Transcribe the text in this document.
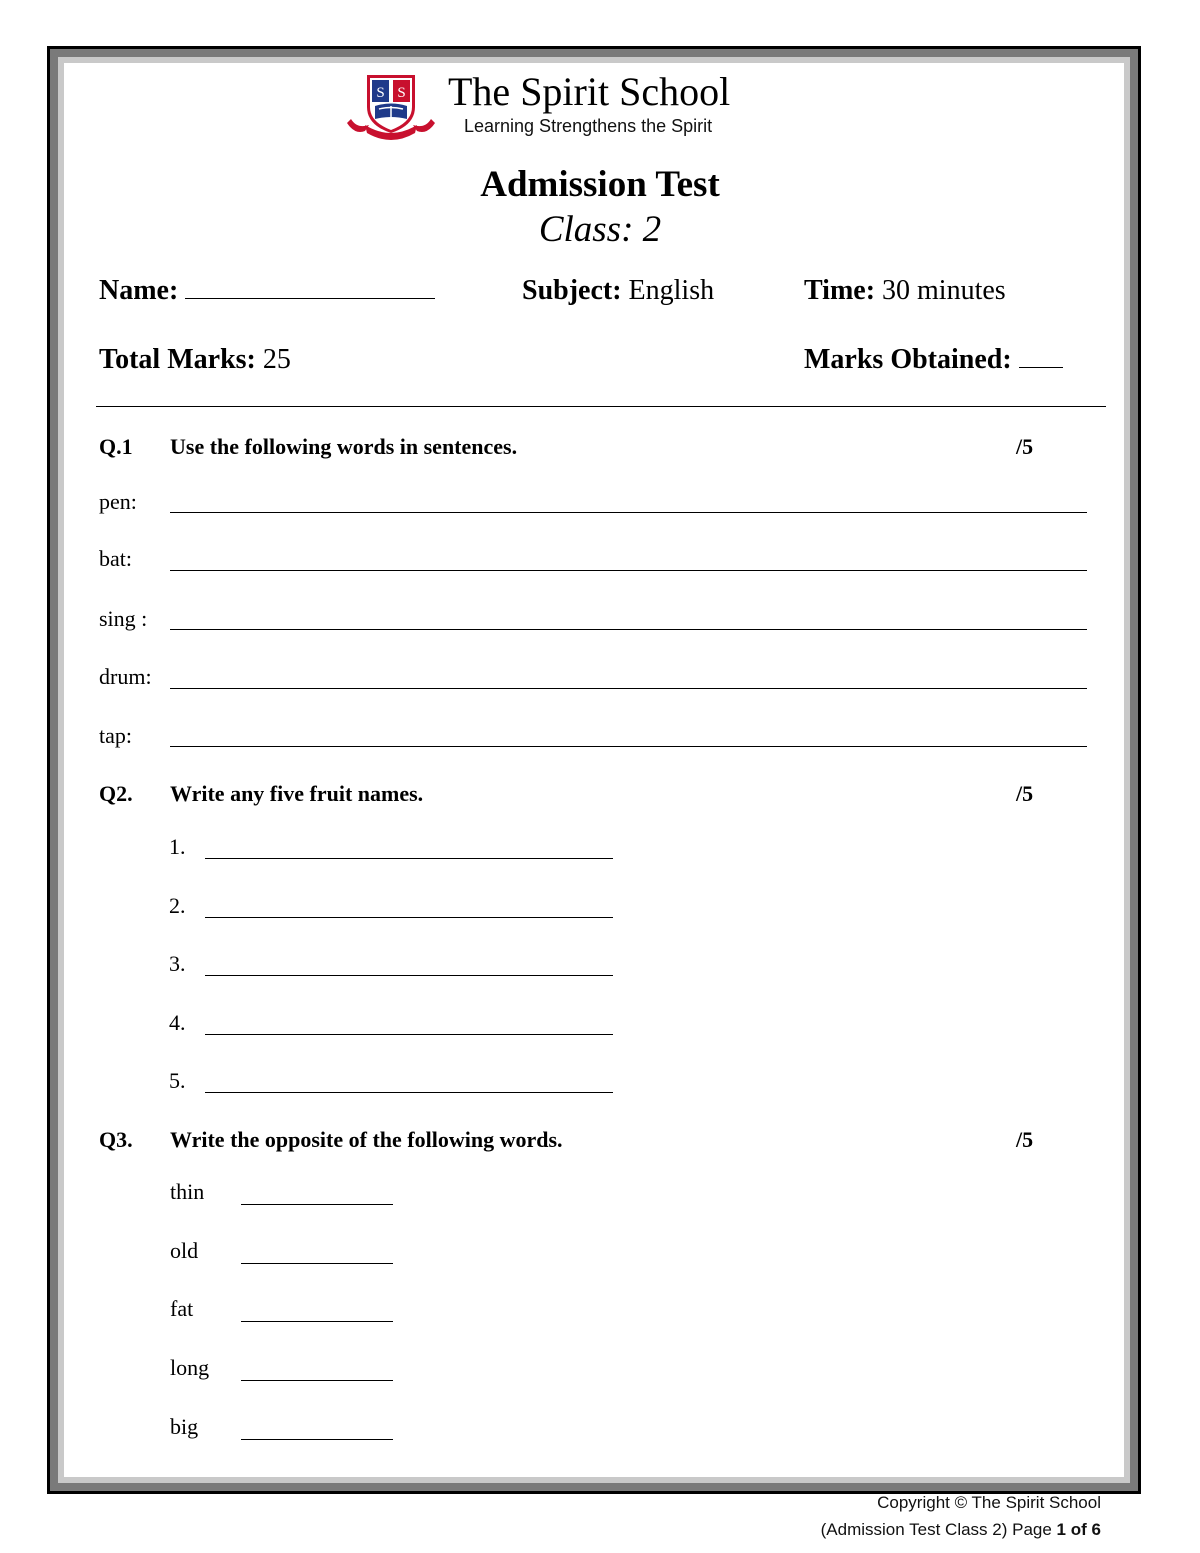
S S The Spirit School
Learning Strengthens the Spirit
Admission Test
Class: 2
Name:	Subject: English	Time: 30 minutes
Total Marks: 25	Marks Obtained:
Q.1 Use the following words in sentences.	/5
pen:
bat:
sing :
drum:
tap:
Q2. Write any five fruit names.	/5
1.
2.
3.
4.
5.
Q3. Write the opposite of the following words.	/5
thin
old
fat
long
big
Copyright © The Spirit School
(Admission Test Class 2) Page 1 of 6
